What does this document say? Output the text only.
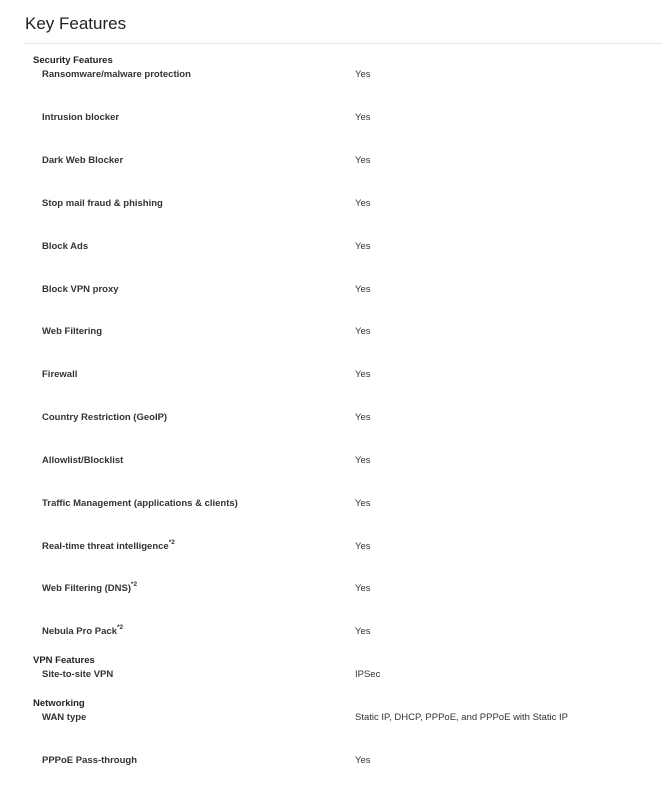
Key Features
Security Features
Ransomware/malware protection	Yes
Intrusion blocker	Yes
Dark Web Blocker	Yes
Stop mail fraud & phishing	Yes
Block Ads	Yes
Block VPN proxy	Yes
Web Filtering	Yes
Firewall	Yes
Country Restriction (GeoIP)	Yes
Allowlist/Blocklist	Yes
Traffic Management (applications & clients)	Yes
Real-time threat intelligence$^{*2}$	Yes
Web Filtering (DNS)$^{*2}$	Yes
Nebula Pro Pack$^{*2}$	Yes
VPN Features
Site-to-site VPN	IPSec
Networking
WAN type	Static IP, DHCP, PPPoE, and PPPoE with Static IP
PPPoE Pass-through	Yes
